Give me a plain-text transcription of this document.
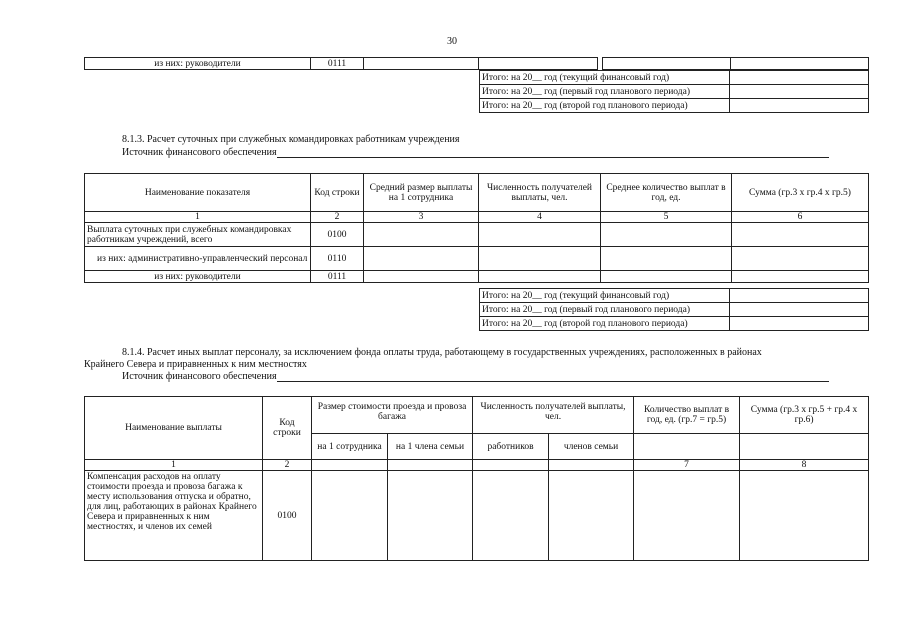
30
из них: руководители	0111					
Итого: на 20__ год (текущий финансовый год)	
Итого: на 20__ год (первый год планового периода)	
Итого: на 20__ год (второй год планового периода)	
8.1.3. Расчет суточных при служебных командировках работникам учреждения
Источник финансового обеспечения
Наименование показателя	Код строки	Средний размер выплаты на 1 сотрудника	Численность получателей выплаты, чел.	Среднее количество выплат в год, ед.	Сумма (гр.3 х гр.4 х гр.5)
1	2	3	4	5	6
Выплата суточных при служебных командировках работникам учреждений, всего	0100				
из них: административно-управленческий персонал	0110				
из них: руководители	0111				
Итого: на 20__ год (текущий финансовый год)	
Итого: на 20__ год (первый год планового периода)	
Итого: на 20__ год (второй год планового периода)	
8.1.4. Расчет иных выплат персоналу, за исключением фонда оплаты труда, работающему в государственных учреждениях, расположенных в районах
Крайнего Севера и приравненных к ним местностях
Источник финансового обеспечения
Наименование выплаты	Код строки	Размер стоимости проезда и провоза багажа		Численность получателей выплаты, чел.		Количество выплат в год, ед. (гр.7 = гр.5)	Сумма (гр.3 х гр.5 + гр.4 х гр.6)
		на 1 сотрудника	на 1 члена семьи	работников	членов семьи		
1	2					7	8
Компенсация расходов на оплату стоимости проезда и провоза багажа к месту использования отпуска и обратно, для лиц, работающих в районах Крайнего Севера и приравненных к ним местностях, и членов их семей	0100						
